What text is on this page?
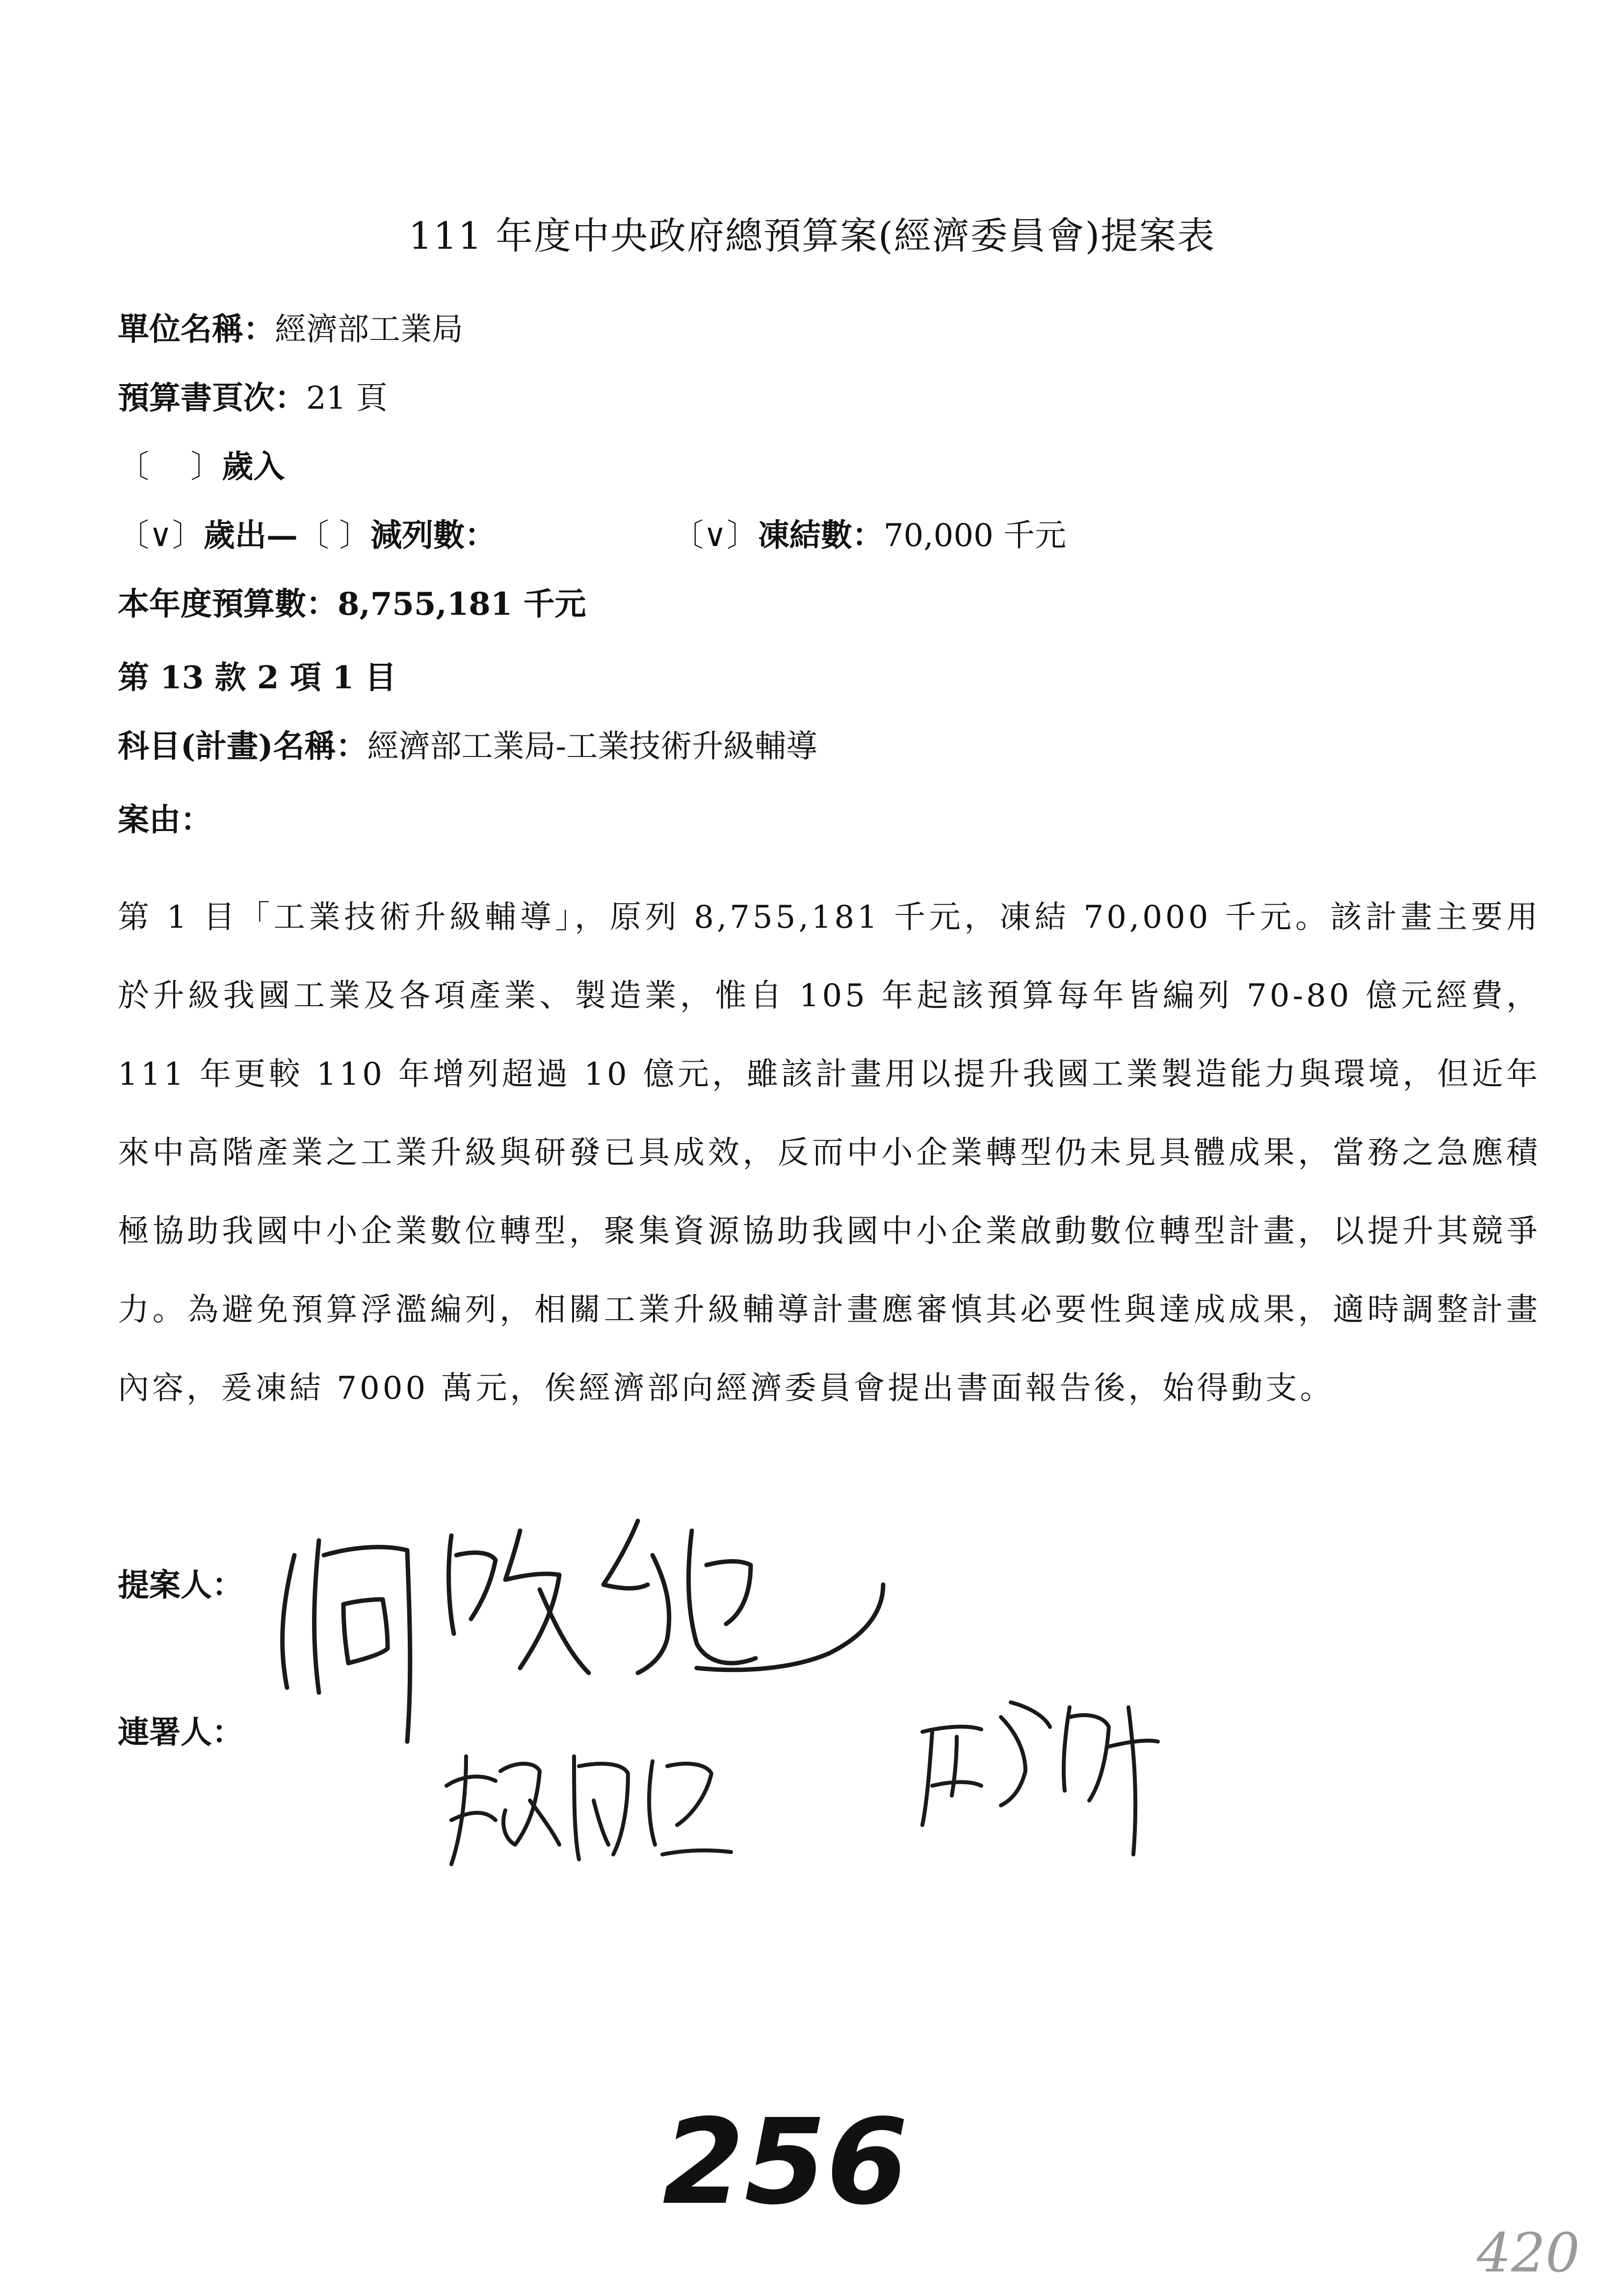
111 年度中央政府總預算案(經濟委員會)提案表
單位名稱：經濟部工業局
預算書頁次：21 頁
〔　 〕歲入
〔∨〕歲出—〔 〕減列數：	〔∨〕凍結數：70,000 千元
本年度預算數：8,755,181 千元
第 13 款 2 項 1 目
科目(計畫)名稱：經濟部工業局-工業技術升級輔導
案由：
第 1 目「工業技術升級輔導」，原列 8,755,181 千元，凍結 70,000 千元。該計畫主要用於升級我國工業及各項產業、製造業，惟自 105 年起該預算每年皆編列 70-80 億元經費，111 年更較 110 年增列超過 10 億元，雖該計畫用以提升我國工業製造能力與環境，但近年來中高階產業之工業升級與研發已具成效，反而中小企業轉型仍未見具體成果，當務之急應積極協助我國中小企業數位轉型，聚集資源協助我國中小企業啟動數位轉型計畫，以提升其競爭力。為避免預算浮濫編列，相關工業升級輔導計畫應審慎其必要性與達成成果，適時調整計畫內容，爰凍結 7000 萬元，俟經濟部向經濟委員會提出書面報告後，始得動支。
提案人：
連署人：
256
420
